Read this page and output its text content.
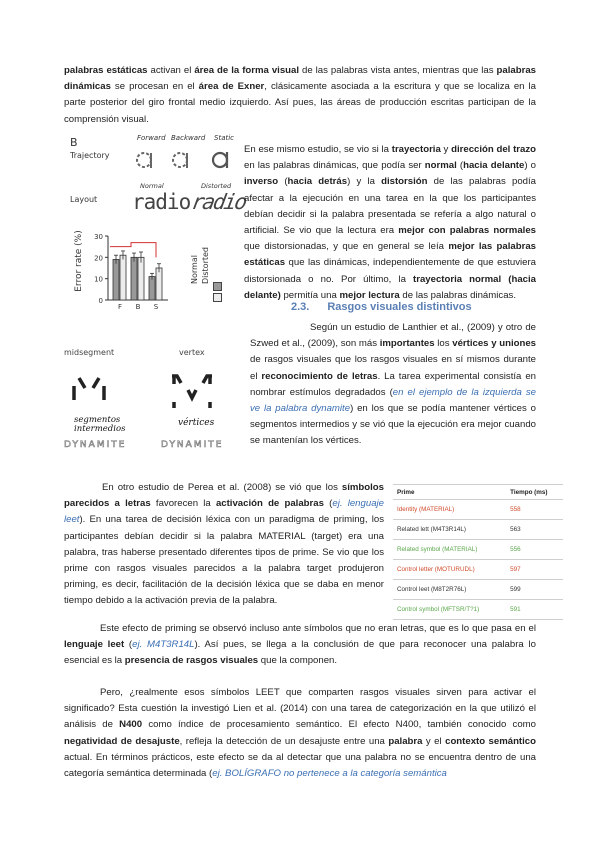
palabras estáticas activan el área de la forma visual de las palabras vista antes, mientras que las palabras dinámicas se procesan en el área de Exner, clásicamente asociada a la escritura y que se localiza en la parte posterior del giro frontal medio izquierdo. Así pues, las áreas de producción escritas participan de la comprensión visual.

B	Forward Backward Static
Trajectory
Normal	Distorted
Layout radio radio
Error rate (%) 30
20
10
0
F B S
Normal Distorted

En ese mismo estudio, se vio si la trayectoria y dirección del trazo en las palabras dinámicas, que podía ser normal (hacia delante) o inverso (hacia detrás) y la distorsión de las palabras podía afectar a la ejecución en una tarea en la que los participantes debían decidir si la palabra presentada se refería a algo natural o artificial. Se vio que la lectura era mejor con palabras normales que distorsionadas, y que en general se leía mejor las palabras estáticas que las dinámicas, independientemente de que estuviera distorsionada o no. Por último, la trayectoria normal (hacia delante) permitía una mejor lectura de las palabras dinámicas.

2.3. Rasgos visuales distintivos
midsegment	vertex
segmentos intermedios
vértices
DYNAMITE	DYNAMITE

Según un estudio de Lanthier et al., (2009) y otro de Szwed et al., (2009), son más importantes los vértices y uniones de rasgos visuales que los rasgos visuales en sí mismos durante el reconocimiento de letras. La tarea experimental consistía en nombrar estímulos degradados (en el ejemplo de la izquierda se ve la palabra dynamite) en los que se podía mantener vértices o segmentos intermedios y se vió que la ejecución era mejor cuando se mantenían los vértices.

En otro estudio de Perea et al. (2008) se vió que los símbolos parecidos a letras favorecen la activación de palabras (ej. lenguaje leet). En una tarea de decisión léxica con un paradigma de priming, los participantes debían decidir si la palabra MATERIAL (target) era una palabra, tras haberse presentado diferentes tipos de prime. Se vio que los prime con rasgos visuales parecidos a la palabra target produjeron priming, es decir, facilitación de la decisión léxica que se daba en menor tiempo debido a la activación previa de la palabra.

Prime	Tiempo (ms)
Identity (MATERIAL)	558
Related lett (M4T3R14L)	563
Related symbol (MATERIAL)	556
Control letter (MOTURUDL)	597
Control leet (M8T2R76L)	599
Control symbol (MFTSR/T?1)	591

Este efecto de priming se observó incluso ante símbolos que no eran letras, que es lo que pasa en el lenguaje leet (ej. M4T3R14L). Así pues, se llega a la conclusión de que para reconocer una palabra lo esencial es la presencia de rasgos visuales que la componen.

Pero, ¿realmente esos símbolos LEET que comparten rasgos visuales sirven para activar el significado? Esta cuestión la investigó Lien et al. (2014) con una tarea de categorización en la que utilizó el análisis de N400 como índice de procesamiento semántico. El efecto N400, también conocido como negatividad de desajuste, refleja la detección de un desajuste entre una palabra y el contexto semántico actual. En términos prácticos, este efecto se da al detectar que una palabra no se encuentra dentro de una categoría semántica determinada (ej. BOLÍGRAFO no pertenece a la categoría semántica
